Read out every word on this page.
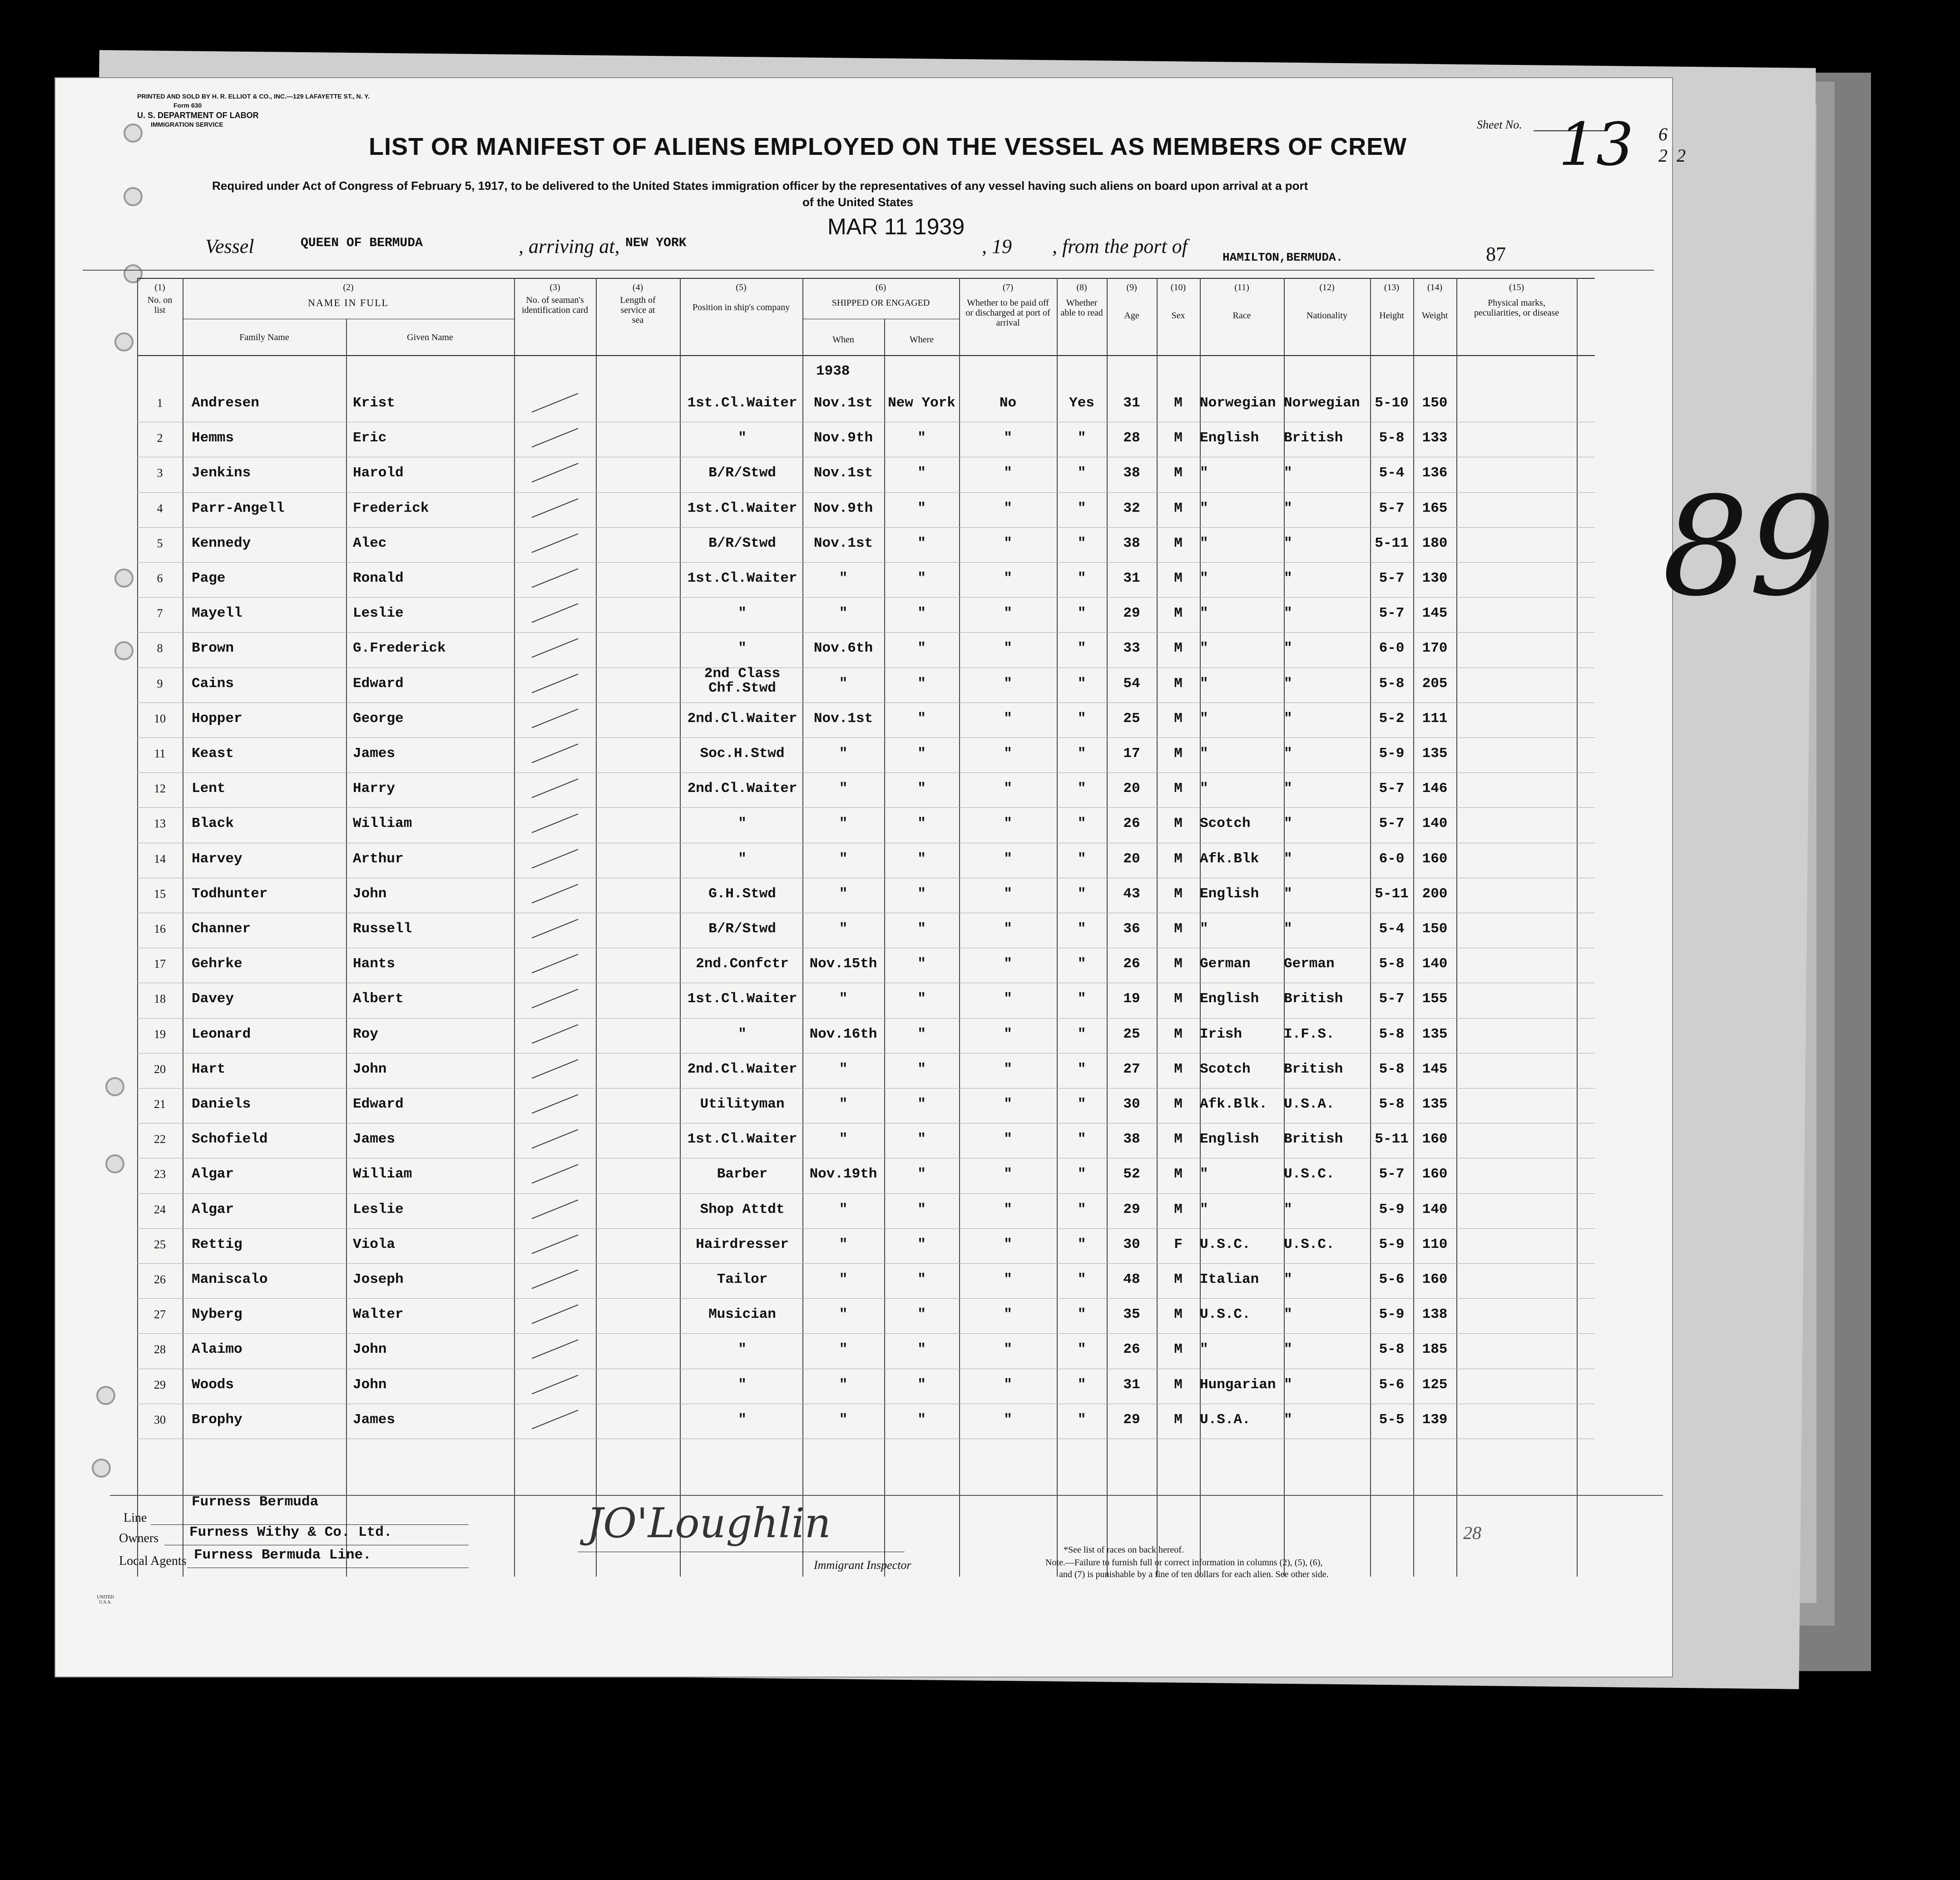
PRINTED AND SOLD BY H. R. ELLIOT & CO., INC.—129 LAFAYETTE ST., N. Y.
Form 630
U. S. DEPARTMENT OF LABOR
IMMIGRATION SERVICE
LIST OR MANIFEST OF ALIENS EMPLOYED ON THE VESSEL AS MEMBERS OF CREW
Required under Act of Congress of February 5, 1917, to be delivered to the United States immigration officer by the representatives of any vessel having such aliens on board upon arrival at a port
of the United States
Sheet No. 13 6
2  2
Vessel	QUEEN OF BERMUDA	, arriving at, NEW YORK
MAR 11 1939
, 19 , from the port of	HAMILTON,BERMUDA.	87
(1)
No. on list
(2)
NAME IN FULL
Family Name	Given Name
(3)
No. of seaman's identification card
(4)
Length of service at sea
(5)
Position in ship's company
(6)
SHIPPED OR ENGAGED
When	Where
(7)
Whether to be paid off or discharged at port of arrival
(8)
Whether able to read
(9)
Age
(10)
Sex
(11)
Race
(12)
Nationality
(13)
Height
(14)
Weight
(15)
Physical marks, peculiarities, or disease
1938
1	Andresen	Krist	1st.Cl.Waiter	Nov.1st	New York	No	Yes	31	M	Norwegian Norwegian	5-10 150
2	Hemms	Eric	"	Nov.9th	"	"	"	28	M	English	British	5-8	133
3	Jenkins	Harold	B/R/Stwd	Nov.1st	"	"	"	38	M	"	"	5-4	136
4	Parr-Angell	Frederick	1st.Cl.Waiter	Nov.9th	"	"	"	32	M	"	"	5-7	165
5	Kennedy	Alec	B/R/Stwd	Nov.1st	"	"	"	38	M	"	"	5-11 180
6	Page	Ronald	1st.Cl.Waiter	"	"	"	"	31	M	"	"	5-7	130
7	Mayell	Leslie	"	"	"	"	"	29	M	"	"	5-7	145
8	Brown	G.Frederick	"	Nov.6th	"	"	"	33	M	"	"	6-0	170
9	Cains	Edward
2nd Class
Chf.Stwd	"	"	"	"	54	M	"	"	5-8	205
10	Hopper	George	2nd.Cl.Waiter	Nov.1st	"	"	"	25	M	"	"	5-2	111
11	Keast	James	Soc.H.Stwd	"	"	"	"	17	M	"	"	5-9	135
12	Lent	Harry	2nd.Cl.Waiter	"	"	"	"	20	M	"	"	5-7	146
13	Black	William	"	"	"	"	"	26	M	Scotch	"	5-7	140
14	Harvey	Arthur	"	"	"	"	"	20	M	Afk.Blk	"	6-0	160
15	Todhunter	John	G.H.Stwd	"	"	"	"	43	M	English	"	5-11 200
16	Channer	Russell	B/R/Stwd	"	"	"	"	36	M	"	"	5-4	150
17	Gehrke	Hants	2nd.Confctr	Nov.15th	"	"	"	26	M	German	German	5-8	140
18	Davey	Albert	1st.Cl.Waiter	"	"	"	"	19	M	English	British	5-7	155
19	Leonard	Roy	"	Nov.16th	"	"	"	25	M	Irish	I.F.S.	5-8	135
20	Hart	John	2nd.Cl.Waiter	"	"	"	"	27	M	Scotch	British	5-8	145
21	Daniels	Edward	Utilityman	"	"	"	"	30	M	Afk.Blk.	U.S.A.	5-8	135
22	Schofield	James	1st.Cl.Waiter	"	"	"	"	38	M	English	British	5-11 160
23	Algar	William	Barber	Nov.19th	"	"	"	52	M	"	U.S.C.	5-7	160
24	Algar	Leslie	Shop Attdt	"	"	"	"	29	M	"	"	5-9	140
25	Rettig	Viola	Hairdresser	"	"	"	"	30	F	U.S.C.	U.S.C.	5-9	110
26	Maniscalo	Joseph	Tailor	"	"	"	"	48	M	Italian	"	5-6	160
27	Nyberg	Walter	Musician	"	"	"	"	35	M	U.S.C.	"	5-9	138
28	Alaimo	John	"	"	"	"	"	26	M	"	"	5-8	185
29	Woods	John	"	"	"	"	"	31	M	Hungarian "	5-6	125
30	Brophy	James	"	"	"	"	"	29	M	U.S.A.	"	5-5	139
Line
Furness Bermuda
Owners Furness Withy & Co. Ltd.
Local Agents Furness Bermuda Line.
JO'Loughlin
Immigrant Inspector
*See list of races on back hereof.
Note.—Failure to furnish full or correct information in columns (2), (5), (6),
and (7) is punishable by a fine of ten dollars for each alien. See other side.
28
UNITED U.S.A.
89
